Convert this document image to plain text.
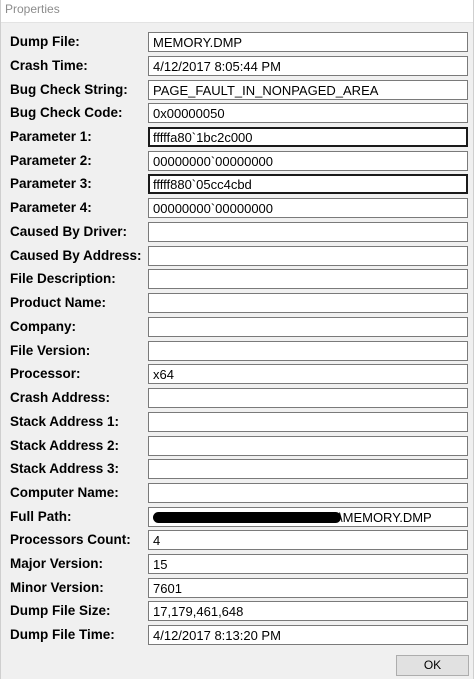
Properties
Dump File:	MEMORY.DMP
Crash Time:	4/12/2017 8:05:44 PM
Bug Check String:	PAGE_FAULT_IN_NONPAGED_AREA
Bug Check Code:	0x00000050
Parameter 1:	fffffa80`1bc2c000
Parameter 2:	00000000`00000000
Parameter 3:	fffff880`05cc4cbd
Parameter 4:	00000000`00000000
Caused By Driver:
Caused By Address:
File Description:
Product Name:
Company:
File Version:
Processor:	x64
Crash Address:
Stack Address 1:
Stack Address 2:
Stack Address 3:
Computer Name:
Full Path:	\MEMORY.DMP
Processors Count:	4
Major Version:	15
Minor Version:	7601
Dump File Size:	17,179,461,648
Dump File Time:	4/12/2017 8:13:20 PM
OK
